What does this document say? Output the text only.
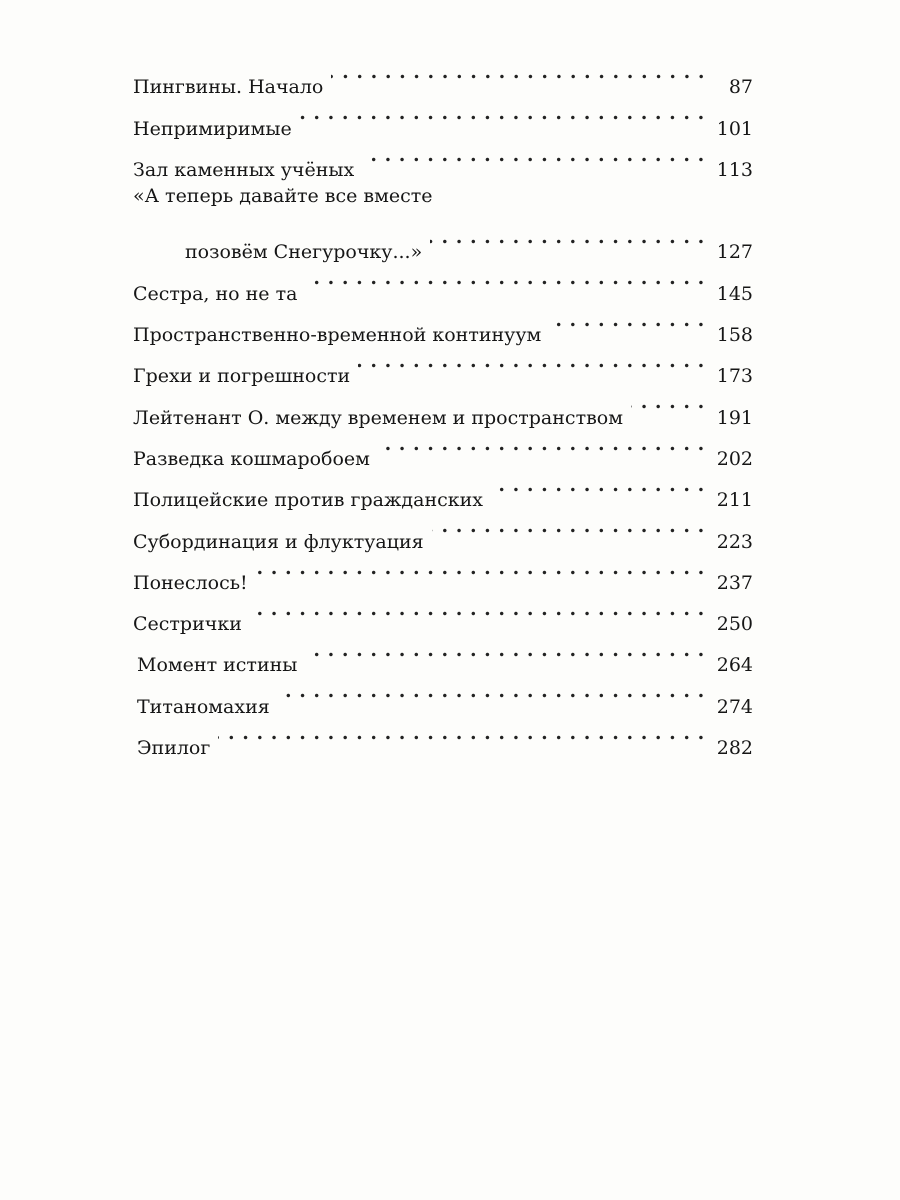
Пингвины. Начало . . .	87
Непримиримые . . .	101
Зал каменных учёных . . .	113
«А теперь давайте все вместе
позовём Снегурочку...» . . .	127
Сестра, но не та . . .	145
Пространственно-временной континуум . . .	158
Грехи и погрешности . . .	173
Лейтенант О. между временем и пространством . . .	191
Разведка кошмаробоем . . .	202
Полицейские против гражданских . . .	211
Субординация и флуктуация . . .	223
Понеслось! . . .	237
Сестрички . . .	250
Момент истины . . .	264
Титаномахия . . .	274
Эпилог . . .	282
